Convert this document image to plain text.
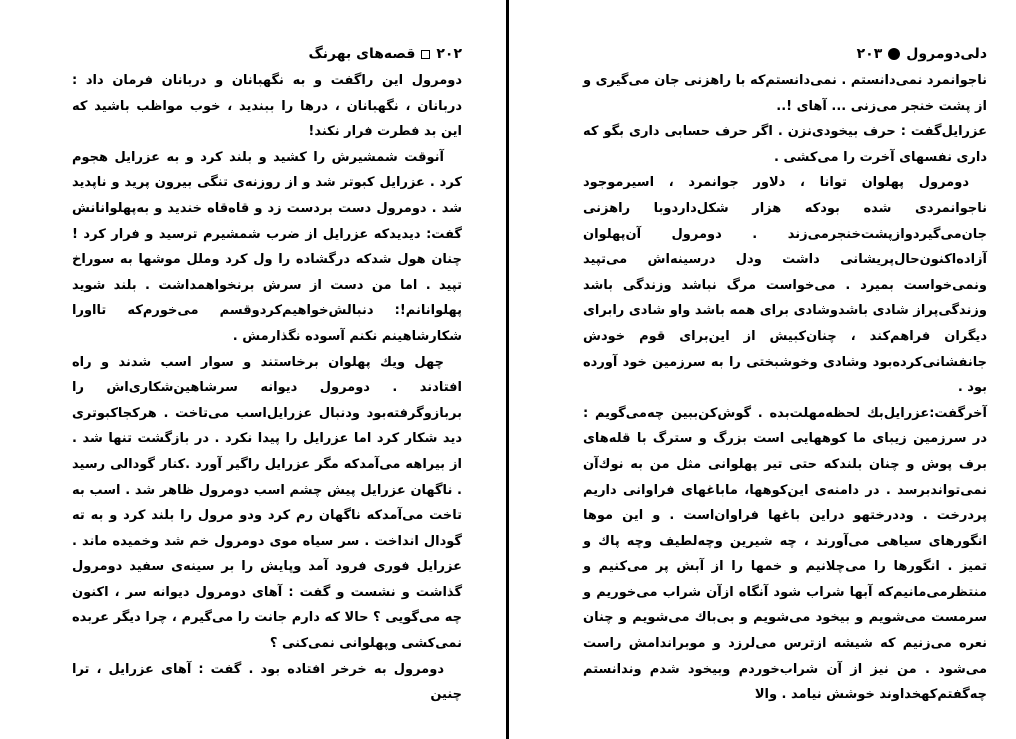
۲۰۲
قصه‌های بهرنگ

دومرول این راگفت و به نگهبانان و دربانان فرمان داد : دربانان ، نگهبانان ، درها را ببندید ، خوب مواظب باشید که این بد فطرت فرار نکند!

آنوقت شمشیرش را کشید و بلند کرد و به عزرایل هجوم کرد . عزرایل کبوتر شد و از روزنه‌ی تنگی بیرون پرید و ناپدید شد . دومرول دست بردست زد و قاه‌قاه خندید و به‌پهلوانانش گفت: دیدیدکه عزرایل از ضرب شمشیرم ترسید و فرار کرد ! چنان هول شدکه درگشاده را ول کرد وملل موشها به سوراخ تپید . اما من دست از سرش برنخواهمداشت . بلند شوید پهلوانانم!: دنبالش‌خواهیم‌کردوقسم می‌خورم‌که تااورا شکارشاهینم نکنم آسوده نگذارمش .

چهل ویك پهلوان برخاستند و سوار اسب شدند و راه افتادند . دومرول دیوانه سرشاهین‌شکاری‌اش را بربازوگرفته‌بود ودنبال عزرایل‌اسب می‌تاخت . هرکجاکبوتری دید شکار کرد اما عزرایل را پیدا نکرد . در بازگشت تنها شد . از بیراهه می‌آمدکه مگر عزرایل راگیر آورد .کنار گودالی رسید . ناگهان عزرایل پیش چشم اسب دومرول ظاهر شد . اسب به تاخت می‌آمدکه ناگهان رم کرد ودو مرول را بلند کرد و به ته گودال انداخت . سر سیاه موی دومرول خم شد وخمیده ماند . عزرایل فوری فرود آمد وپایش را بر سینه‌ی سفید دومرول گذاشت و نشست و گفت : آهای دومرول دیوانه سر ، اکنون چه می‌گویی ؟ حالا که دارم جانت را می‌گیرم ، چرا دیگر عربده نمی‌کشی وپهلوانی نمی‌کنی ؟

دومرول به خرخر افتاده بود . گفت : آهای عزرایل ، ترا چنین

دلی‌دومرول
۲۰۳

ناجوانمرد نمی‌دانستم . نمی‌دانستم‌که با راهزنی جان می‌گیری و از پشت خنجر می‌زنی ... آهای !..

عزرایل‌گفت : حرف بیخودی‌نزن . اگر حرف حسابی داری بگو که داری نفسهای آخرت را می‌کشی .

دومرول پهلوان توانا ، دلاور جوانمرد ، اسیرموجود ناجوانمردی شده بودکه هزار شکل‌داردوبا راهزنی جان‌می‌گیردوازپشت‌خنجرمی‌زند . دومرول آن‌پهلوان آزاده‌اکنون‌حال‌پریشانی داشت ودل درسینه‌اش می‌تپید ونمی‌خواست بمیرد . می‌خواست مرگ نباشد وزندگی باشد وزندگی‌پراز شادی باشدوشادی برای همه باشد واو شادی رابرای دیگران فراهم‌کند ، چنان‌کبیش از این‌برای قوم خودش جانفشانی‌کرده‌بود وشادی وخوشبختی را به سرزمین خود آورده بود .

آخرگفت:عزرایل‌بك لحظه‌مهلت‌بده . گوش‌کن‌ببین چه‌می‌گویم : در سرزمین زیبای ما کوههایی است بزرگ و سترگ با قله‌های برف پوش و چنان بلندکه حتی تیر پهلوانی مثل من به نوك‌آن نمی‌تواندبرسد . در دامنه‌ی این‌کوهها، ماباغهای فراوانی داریم پردرخت . وددرختهو دراین باغها فراوان‌است . و این موها انگورهای سیاهی می‌آورند ، چه شیرین وچه‌لطیف وچه پاك و تمیز . انگورها را می‌چلانیم و خمها را از آبش پر می‌کنیم و منتظرمی‌مانیم‌که آبها شراب شود آنگاه ازآن شراب می‌خوریم و سرمست می‌شویم و بیخود می‌شویم و بی‌باك می‌شویم و چنان نعره می‌زنیم که شیشه ازترس می‌لرزد و موبراندامش راست می‌شود . من نیز از آن شراب‌خوردم وبیخود شدم وندانستم چه‌گفتم‌کهخداوند خوشش نیامد . والا
